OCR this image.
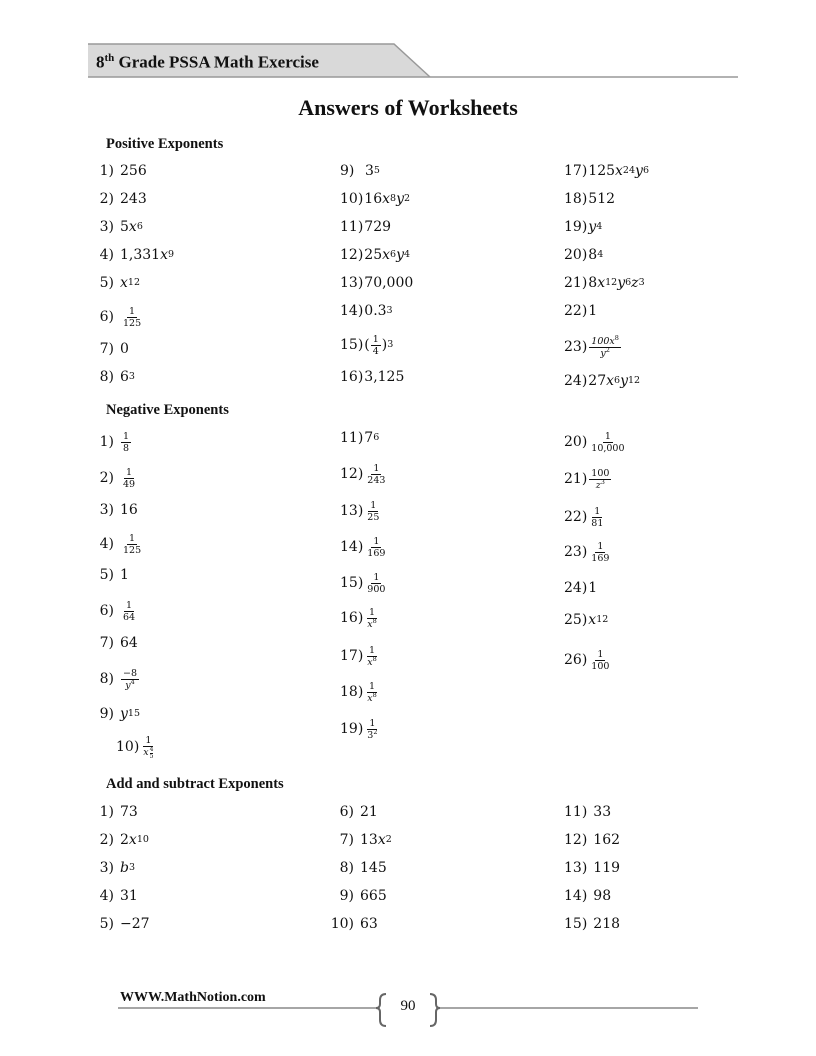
8th Grade PSSA Math Exercise
Answers of Worksheets
Positive Exponents
1) 256
2) 243
3) 5 x 6
4) 1,331 x 9
5) x 12
$6) \frac{1}{125}$
7) 0
8) 6 3
9) 3 5
10) 16 x 8 y 2
11) 729
12) 25 x 6 y 4
13) 70,000
14) 0.3 3
15) ( $\frac{1}{4}$ ) 3
16) 3,125
17) 125 x 24 y 6
18) 512
19) y 4
20) 8 4
21) 8 x 12 y 6 z 3
22) 1
$23) \frac{100x^8}{y^2}$
24) 27 x 6 y 12
Negative Exponents
$1) \frac{1}{8}$
$2) \frac{1}{49}$
3) 16
$4) \frac{1}{125}$
5) 1
$6) \frac{1}{64}$
7) 64
$8) \frac{-8}{y^4}$
9) y 15
10) 1
x 4
5
11) 7 6
$12) \frac{1}{243}$
$13) \frac{1}{25}$
$14) \frac{1}{169}$
$15) \frac{1}{900}$
$16) \frac{1}{x^8}$
$17) \frac{1}{x^8}$
$18) \frac{1}{x^8}$
$19) \frac{1}{3^2}$
$20) \frac{1}{10,000}$
$21) \frac{100}{z^3}$
$22) \frac{1}{81}$
$23) \frac{1}{169}$
24) 1
25) x 12
$26) \frac{1}{100}$
Add and subtract Exponents
1) 73
2) 2 x 10
3) b 3
4) 31
5) −27
6) 21
7) 13 x 2
8) 145
9) 665
10) 63
11) 33
12) 162
13) 119
14) 98
15) 218
WWW.MathNotion.com
90
